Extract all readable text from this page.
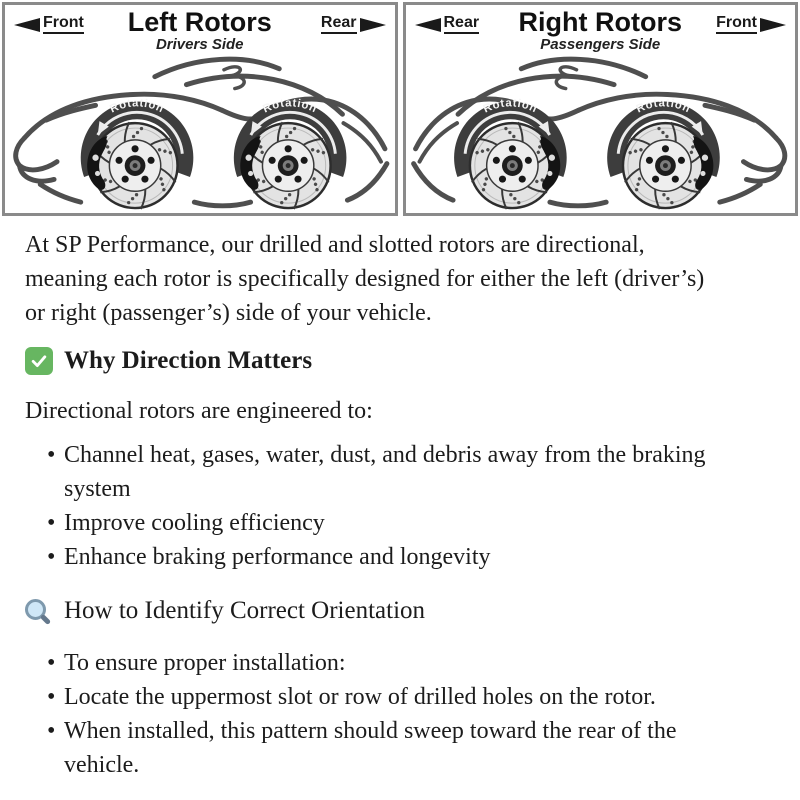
Front	Left Rotors
Drivers Side
Rear
Rotation	Rotation
Rear	Right Rotors
Passengers Side
Front
Rotation	Rotation

At SP Performance, our drilled and slotted rotors are directional, meaning each rotor is specifically designed for either the left (driver’s) or right (passenger’s) side of your vehicle.

Why Direction Matters

Directional rotors are engineered to:

• Channel heat, gases, water, dust, and debris away from the braking system
• Improve cooling efficiency
• Enhance braking performance and longevity
How to Identify Correct Orientation
• To ensure proper installation:
• Locate the uppermost slot or row of drilled holes on the rotor.
• When installed, this pattern should sweep toward the rear of the vehicle.
